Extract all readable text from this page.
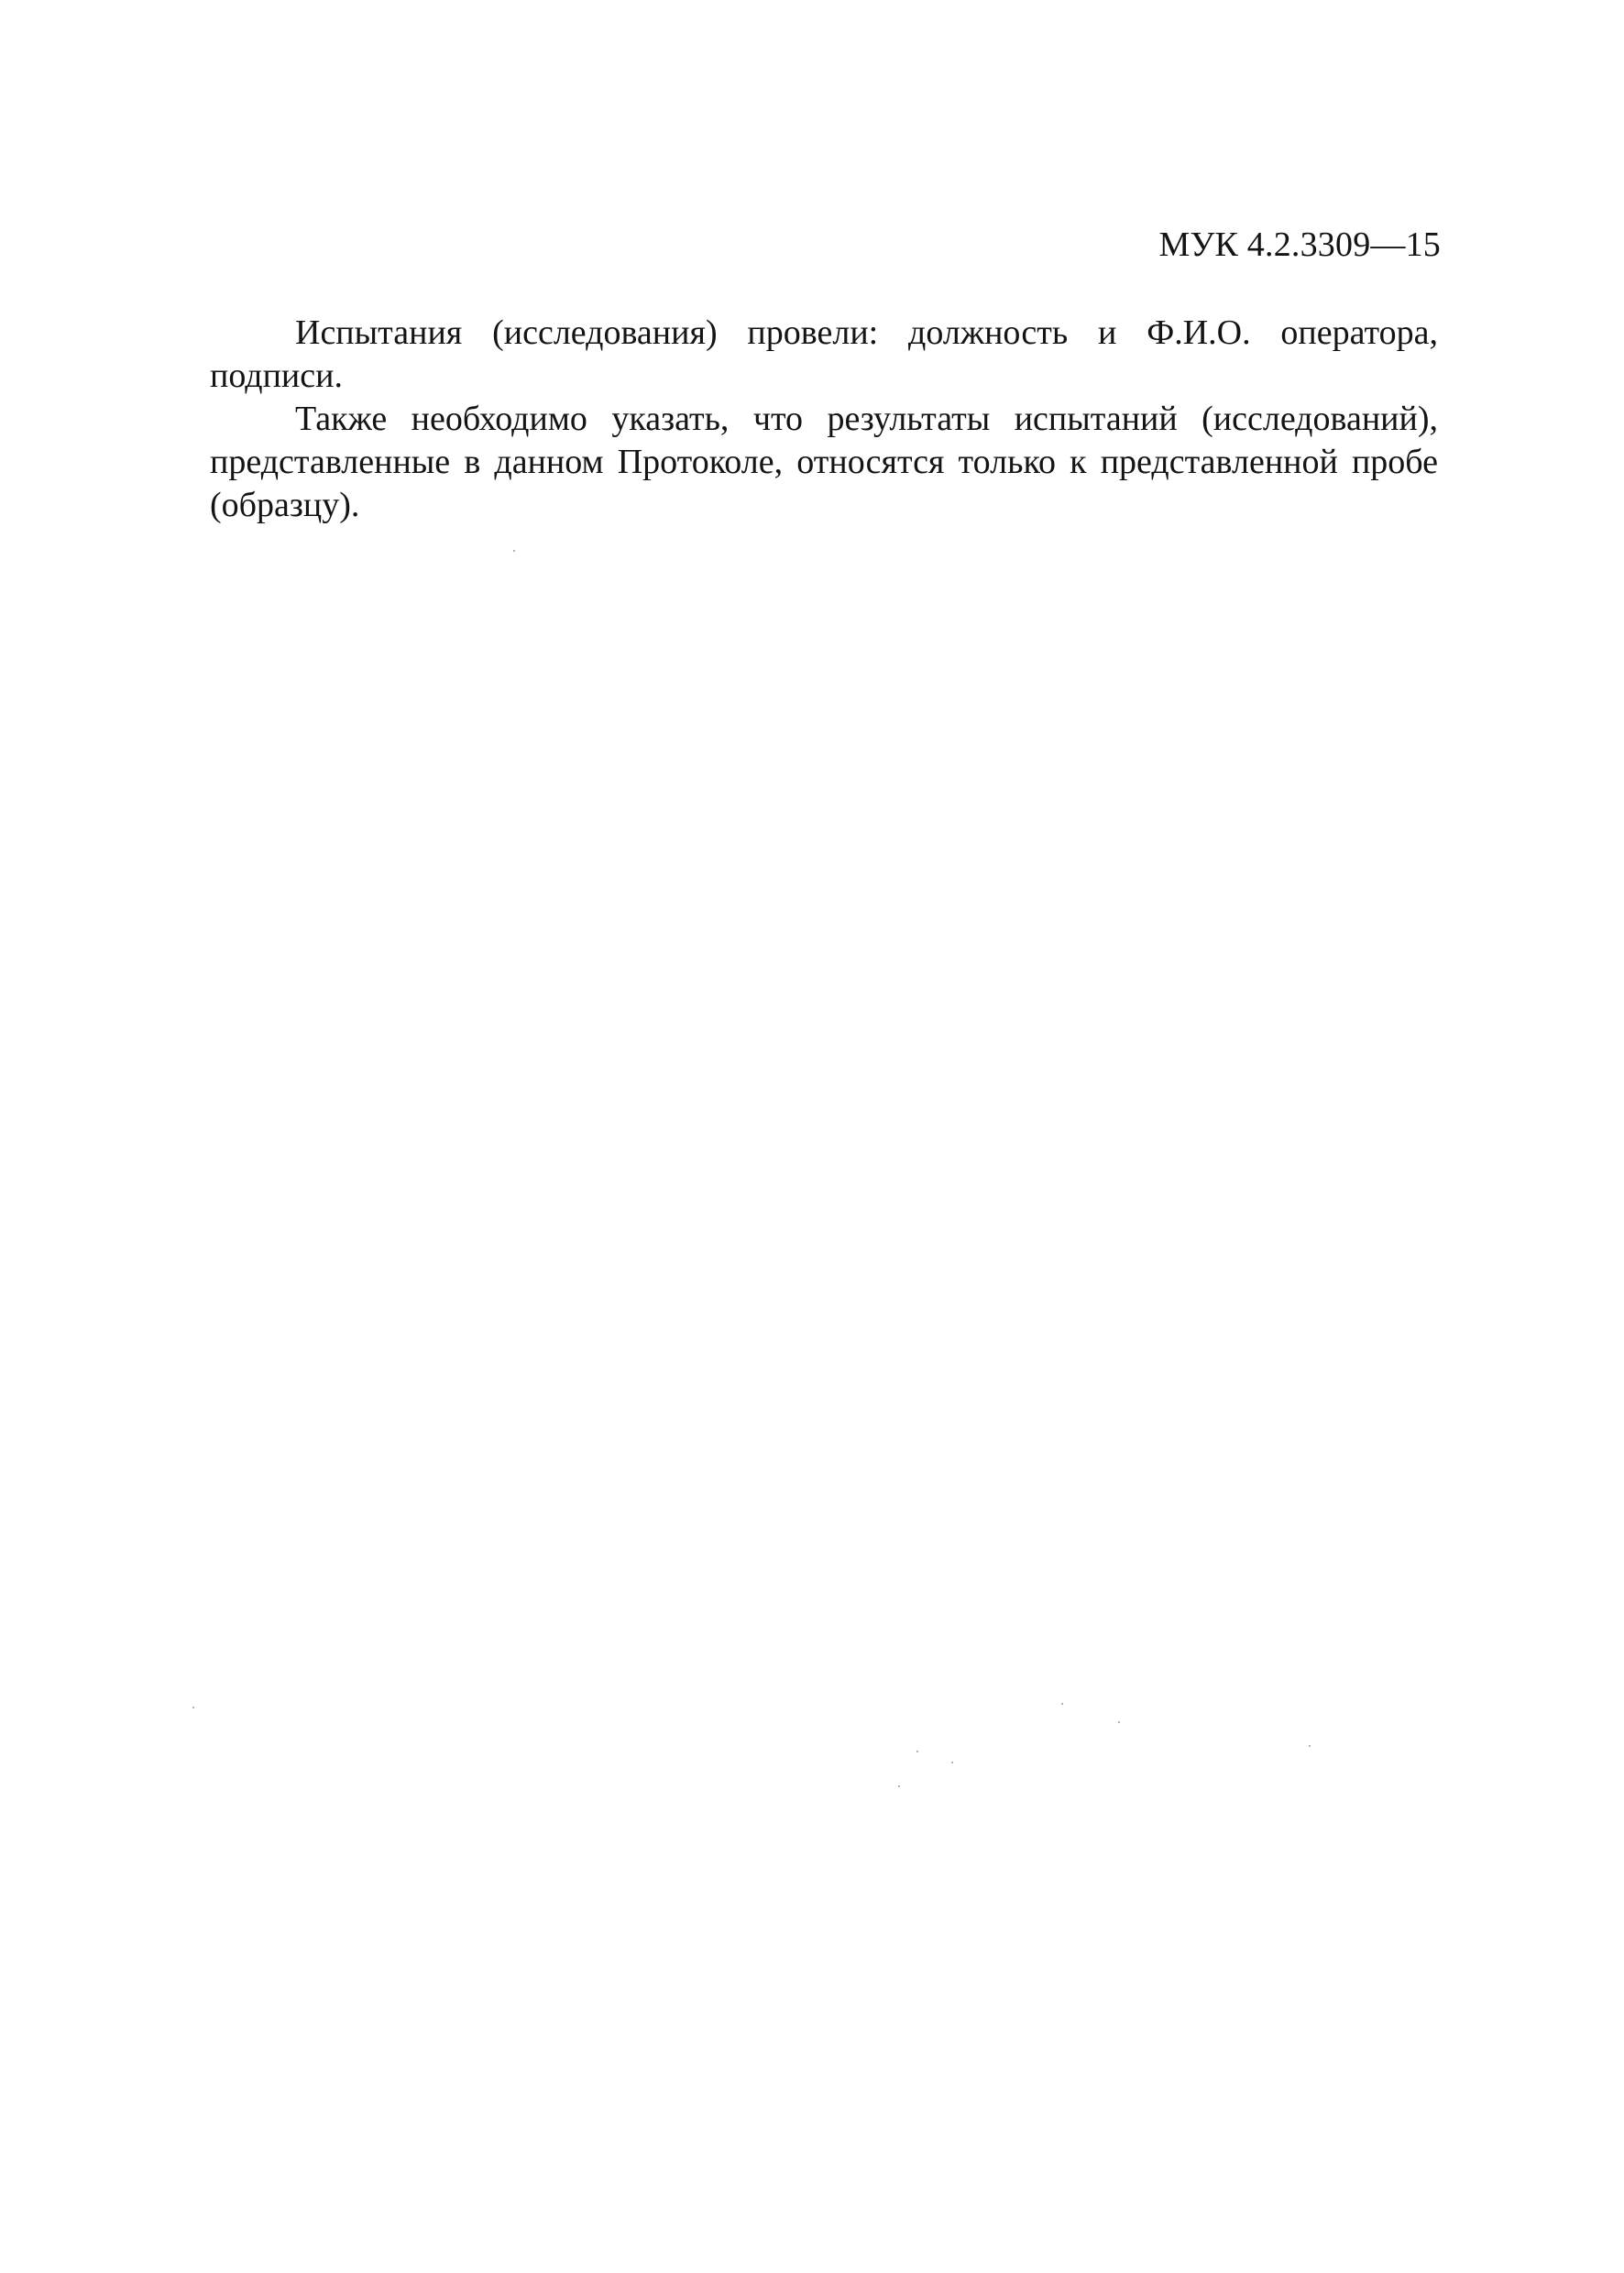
МУК 4.2.3309—15

Испытания (исследования) провели: должность и Ф.И.О. оператора, подписи.

Также необходимо указать, что результаты испытаний (исследований), представленные в данном Протоколе, относятся только к представленной пробе (образцу).
